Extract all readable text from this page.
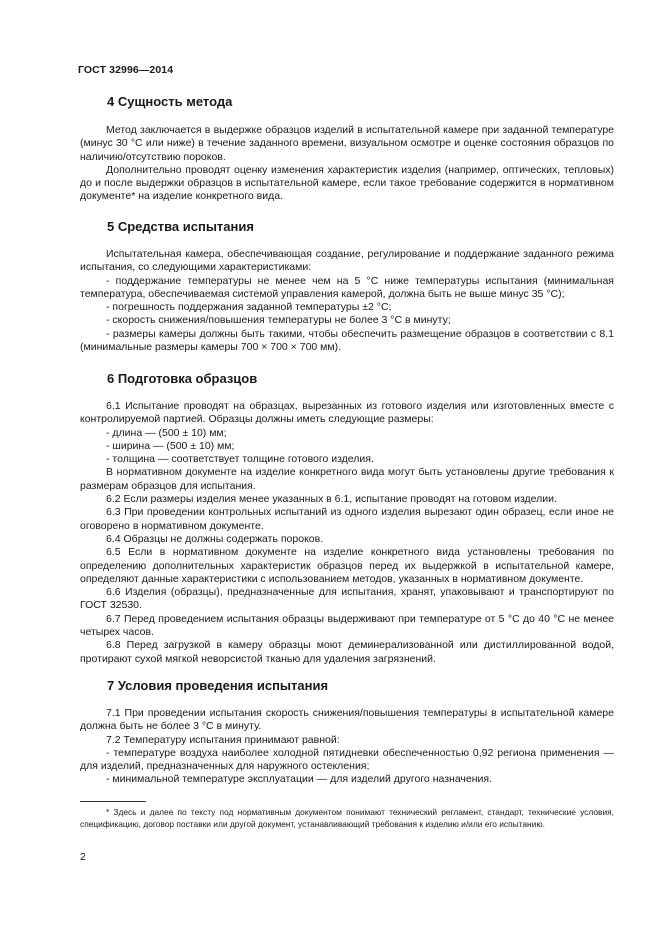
ГОСТ 32996—2014
4 Сущность метода

Метод заключается в выдержке образцов изделий в испытательной камере при заданной температуре (минус 30 °С или ниже) в течение заданного времени, визуальном осмотре и оценке состояния образцов по наличию/отсутствию пороков.

Дополнительно проводят оценку изменения характеристик изделия (например, оптических, тепловых) до и после выдержки образцов в испытательной камере, если такое требование содержится в нормативном документе* на изделие конкретного вида.

5 Средства испытания

Испытательная камера, обеспечивающая создание, регулирование и поддержание заданного режима испытания, со следующими характеристиками:

- поддержание температуры не менее чем на 5 °С ниже температуры испытания (минимальная температура, обеспечиваемая системой управления камерой, должна быть не выше минус 35 °С);

- погрешность поддержания заданной температуры ±2 °С;

- скорость снижения/повышения температуры не более 3 °С в минуту;

- размеры камеры должны быть такими, чтобы обеспечить размещение образцов в соответствии с 8.1 (минимальные размеры камеры 700 × 700 × 700 мм).

6 Подготовка образцов

6.1 Испытание проводят на образцах, вырезанных из готового изделия или изготовленных вместе с контролируемой партией. Образцы должны иметь следующие размеры:

- длина — (500 ± 10) мм;

- ширина — (500 ± 10) мм;

- толщина — соответствует толщине готового изделия.

В нормативном документе на изделие конкретного вида могут быть установлены другие требования к размерам образцов для испытания.

6.2 Если размеры изделия менее указанных в 6.1, испытание проводят на готовом изделии.

6.3 При проведении контрольных испытаний из одного изделия вырезают один образец, если иное не оговорено в нормативном документе.

6.4 Образцы не должны содержать пороков.

6.5 Если в нормативном документе на изделие конкретного вида установлены требования по определению дополнительных характеристик образцов перед их выдержкой в испытательной камере, определяют данные характеристики с использованием методов, указанных в нормативном документе.

6.6 Изделия (образцы), предназначенные для испытания, хранят, упаковывают и транспортируют по ГОСТ 32530.

6.7 Перед проведением испытания образцы выдерживают при температуре от 5 °С до 40 °С не менее четырех часов.

6.8 Перед загрузкой в камеру образцы моют деминерализованной или дистиллированной водой, протирают сухой мягкой неворсистой тканью для удаления загрязнений.

7 Условия проведения испытания

7.1 При проведении испытания скорость снижения/повышения температуры в испытательной камере должна быть не более 3 °С в минуту.

7.2 Температуру испытания принимают равной:

- температуре воздуха наиболее холодной пятидневки обеспеченностью 0,92 региона применения — для изделий, предназначенных для наружного остекления;

- минимальной температуре эксплуатации — для изделий другого назначения.

* Здесь и далее по тексту под нормативным документом понимают технический регламент, стандарт, технические условия, спецификацию, договор поставки или другой документ, устанавливающий требования к изделию и/или его испытанию.

2
